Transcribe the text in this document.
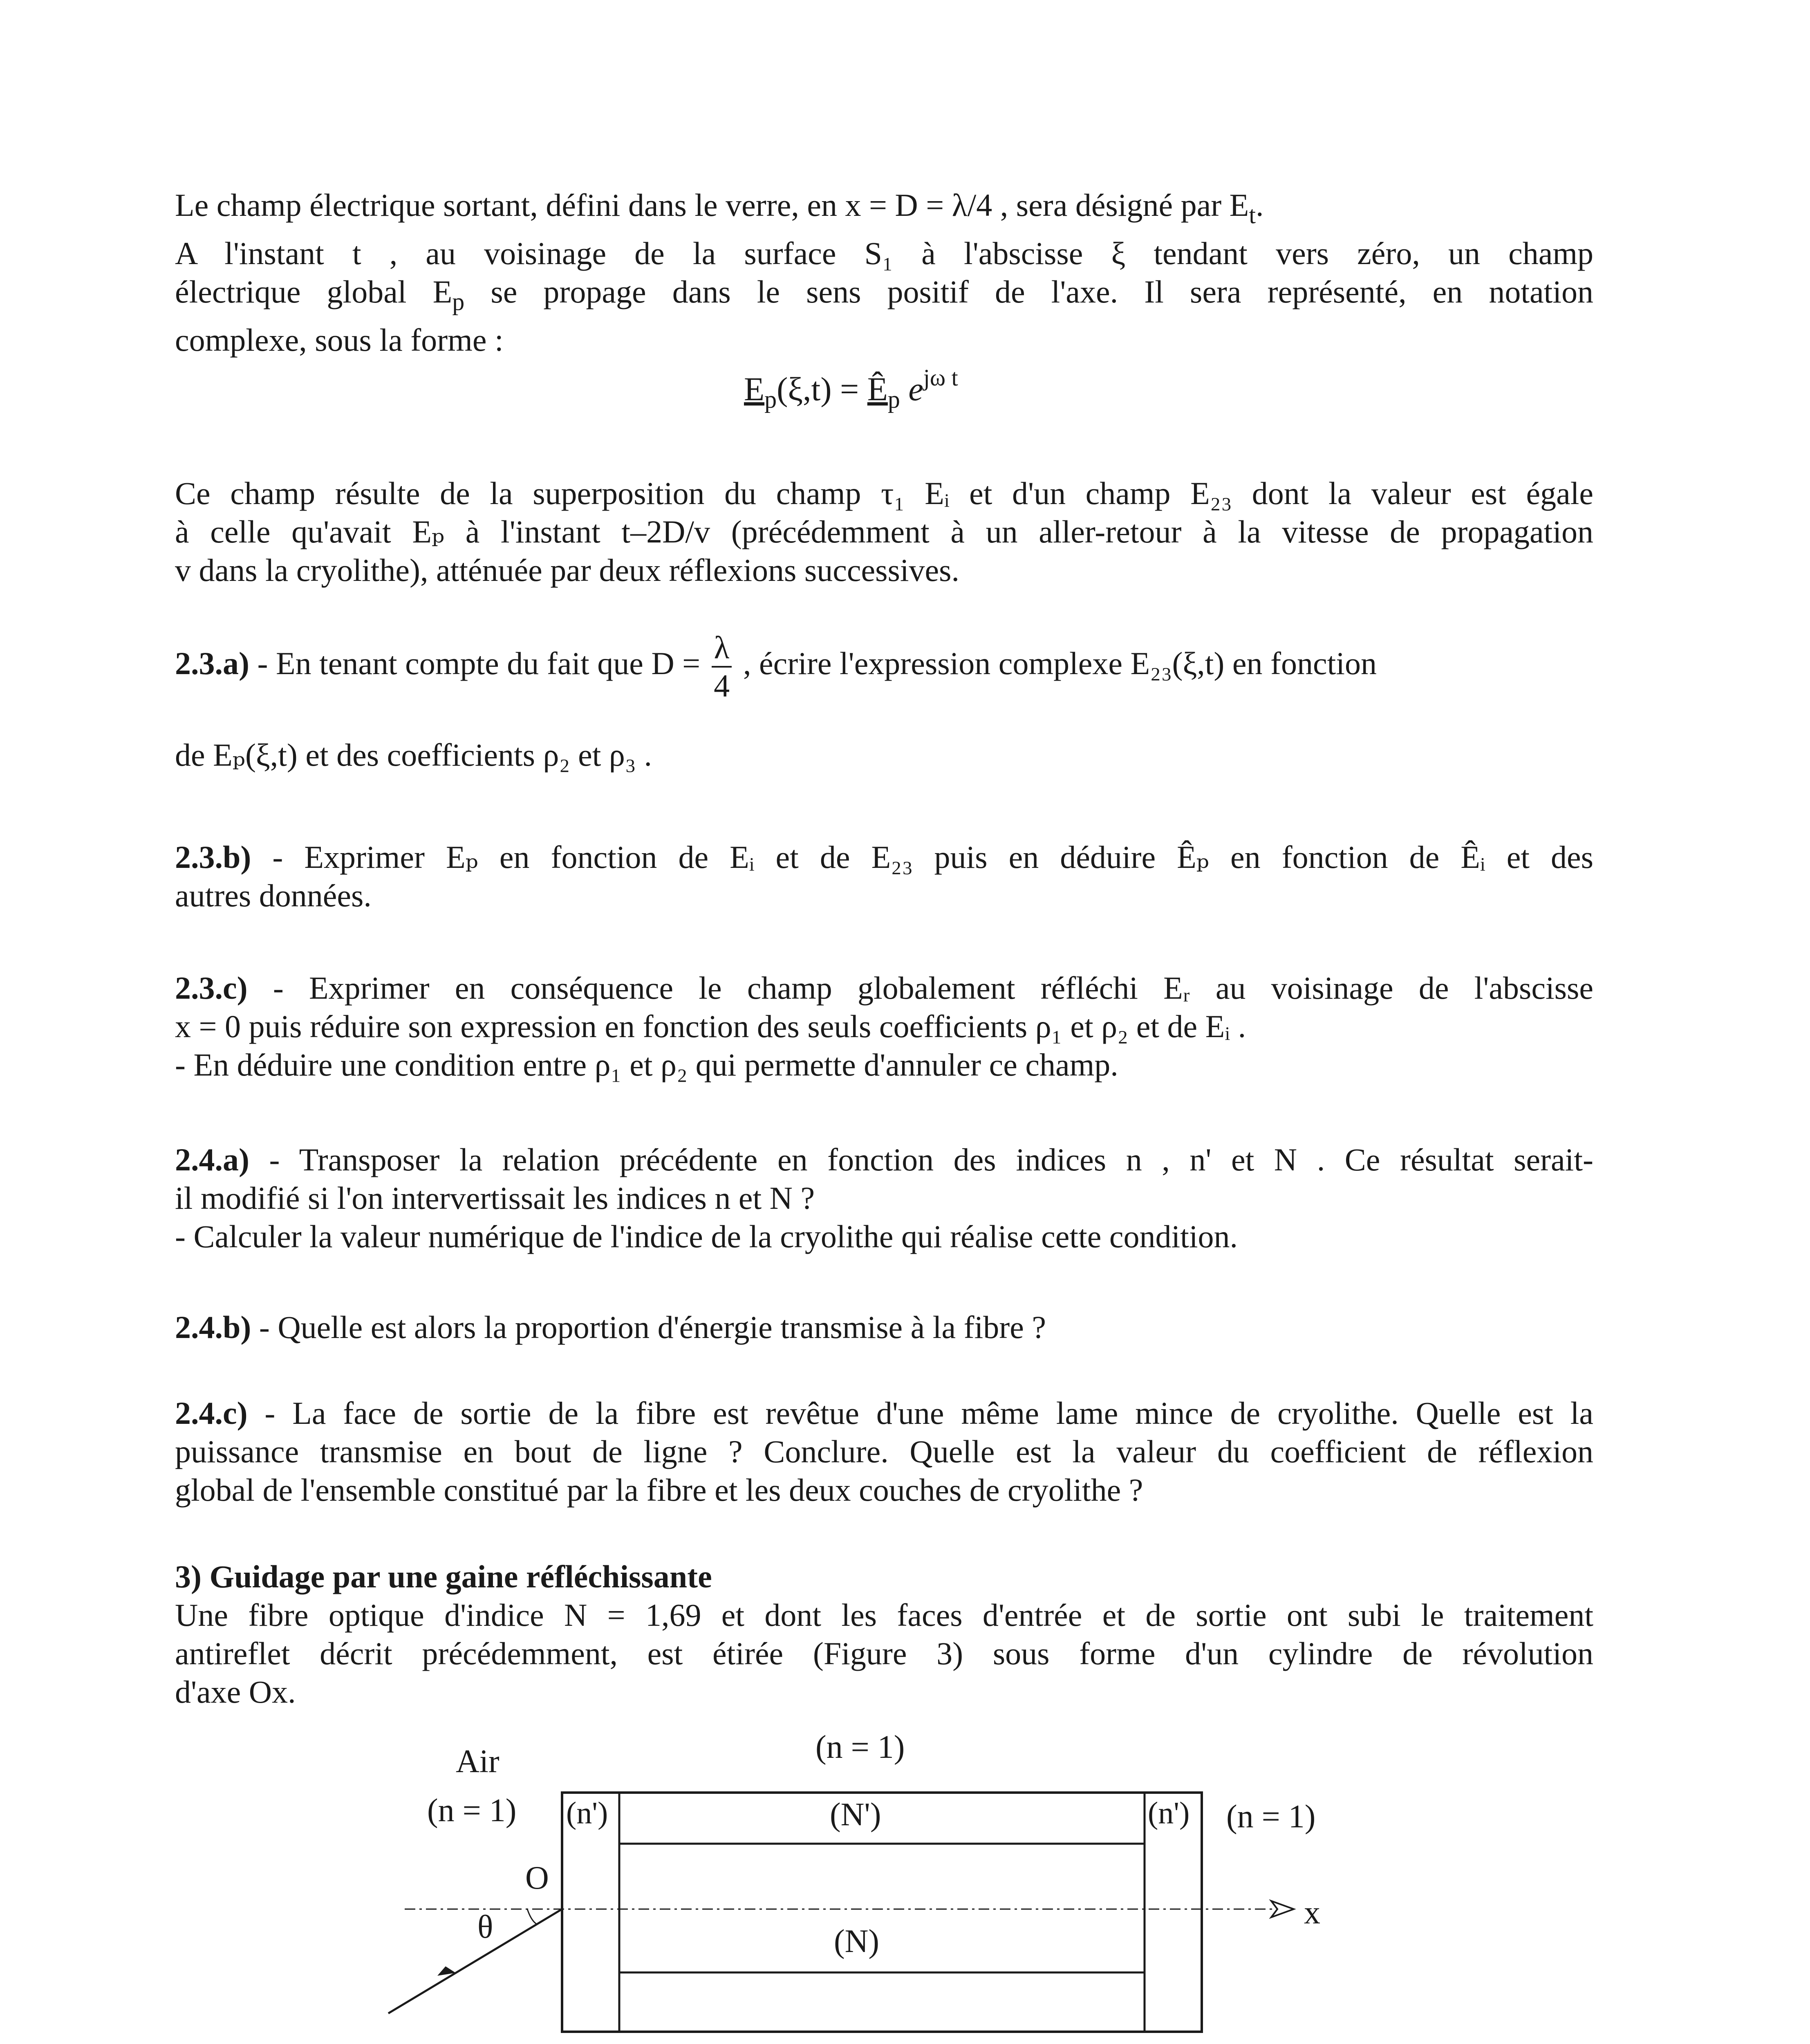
Le champ électrique sortant, défini dans le verre, en x = D = λ/4 , sera désigné par $E_t$.
A l'instant t , au voisinage de la surface S₁ à l'abscisse ξ tendant vers zéro, un champ
électrique global $E_p$ se propage dans le sens positif de l'axe. Il sera représenté, en notation
complexe, sous la forme :
$E_p(\xi,t)$ = $Ê_p$ $e^{j\omega t}$
Ce champ résulte de la superposition du champ τ₁ Eᵢ et d'un champ E₂₃ dont la valeur est égale
à celle qu'avait Eₚ à l'instant t–2D/v (précédemment à un aller-retour à la vitesse de propagation
v dans la cryolithe), atténuée par deux réflexions successives.
2.3.a) - En tenant compte du fait que $D = \frac{\lambda}{4}$ , écrire l'expression complexe E₂₃(ξ,t) en fonction
de Eₚ(ξ,t) et des coefficients ρ₂ et ρ₃ .
2.3.b) - Exprimer Eₚ en fonction de Eᵢ et de E₂₃ puis en déduire Êₚ en fonction de Êᵢ et des
autres données.
2.3.c) - Exprimer en conséquence le champ globalement réfléchi Eᵣ au voisinage de l'abscisse
x = 0 puis réduire son expression en fonction des seuls coefficients ρ₁ et ρ₂ et de Eᵢ .
- En déduire une condition entre ρ₁ et ρ₂ qui permette d'annuler ce champ.
2.4.a) - Transposer la relation précédente en fonction des indices n , n' et N . Ce résultat serait-
il modifié si l'on intervertissait les indices n et N ?
- Calculer la valeur numérique de l'indice de la cryolithe qui réalise cette condition.
2.4.b) - Quelle est alors la proportion d'énergie transmise à la fibre ?
2.4.c) - La face de sortie de la fibre est revêtue d'une même lame mince de cryolithe. Quelle est la
puissance transmise en bout de ligne ? Conclure. Quelle est la valeur du coefficient de réflexion
global de l'ensemble constitué par la fibre et les deux couches de cryolithe ?
3) Guidage par une gaine réfléchissante
Une fibre optique d'indice N = 1,69 et dont les faces d'entrée et de sortie ont subi le traitement
antireflet décrit précédemment, est étirée (Figure 3) sous forme d'un cylindre de révolution
d'axe Ox.
Air
(n = 1)
(n = 1)
(n = 1)
(n')	(n')
(N')
(N)
O
θ	x
